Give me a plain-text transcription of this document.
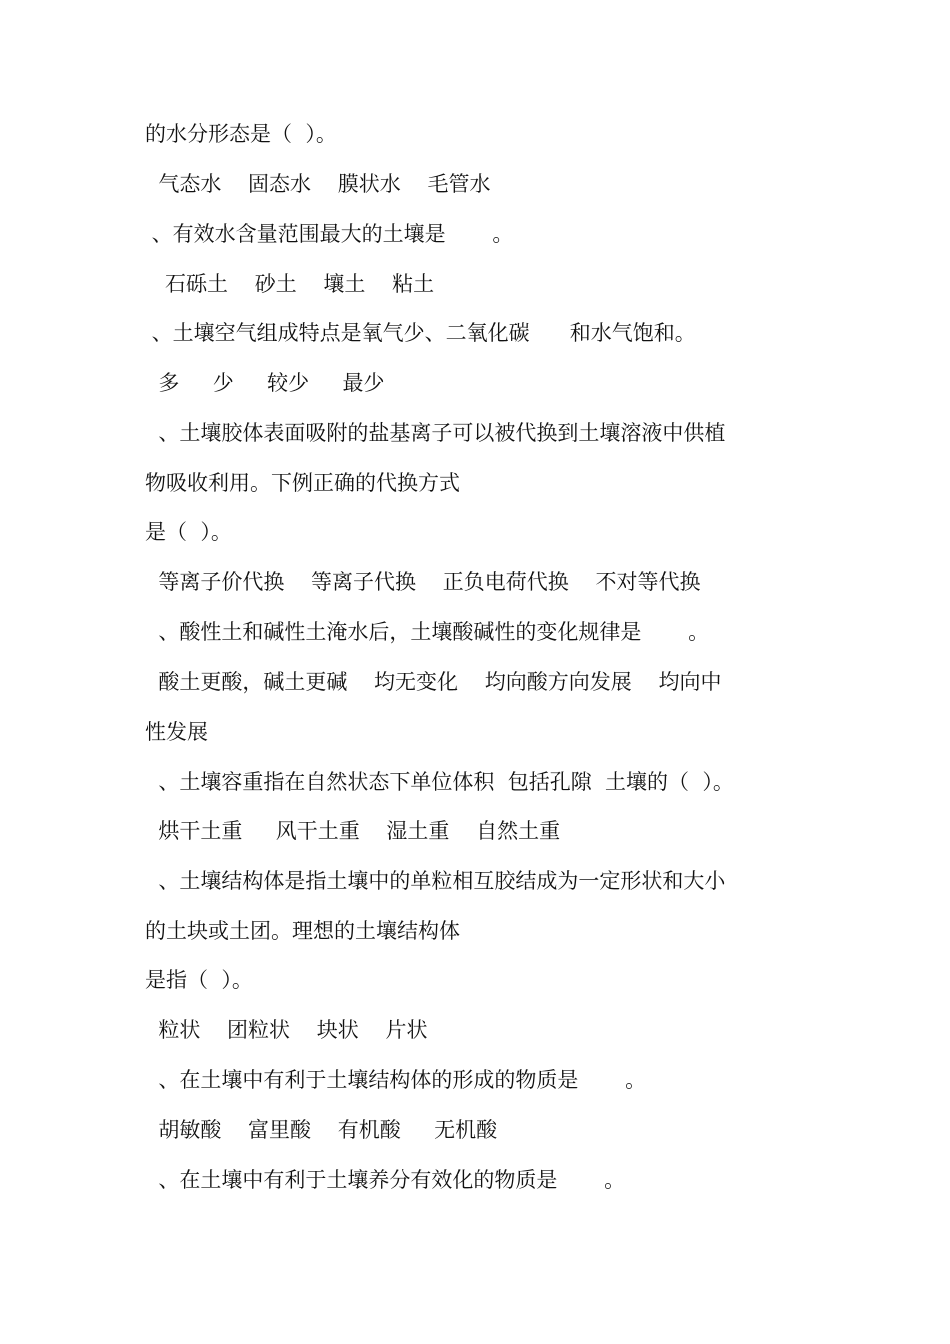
的水分形态是（  ）。
气态水    固态水    膜状水    毛管水
、有效水含量范围最大的土壤是       。
石砾土    砂土    壤土    粘土
、土壤空气组成特点是氧气少、二氧化碳      和水气饱和。
多     少     较少     最少
、土壤胶体表面吸附的盐基离子可以被代换到土壤溶液中供植
物吸收利用。下例正确的代换方式
是（  ）。
等离子价代换    等离子代换    正负电荷代换    不对等代换
、酸性土和碱性土淹水后，土壤酸碱性的变化规律是       。
酸土更酸，碱土更碱    均无变化    均向酸方向发展    均向中
性发展
、土壤容重指在自然状态下单位体积  包括孔隙  土壤的（  ）。
烘干土重     风干土重    湿土重    自然土重
、土壤结构体是指土壤中的单粒相互胶结成为一定形状和大小
的土块或土团。理想的土壤结构体
是指（  ）。
粒状    团粒状    块状    片状
、在土壤中有利于土壤结构体的形成的物质是       。
胡敏酸    富里酸    有机酸     无机酸
、在土壤中有利于土壤养分有效化的物质是       。
